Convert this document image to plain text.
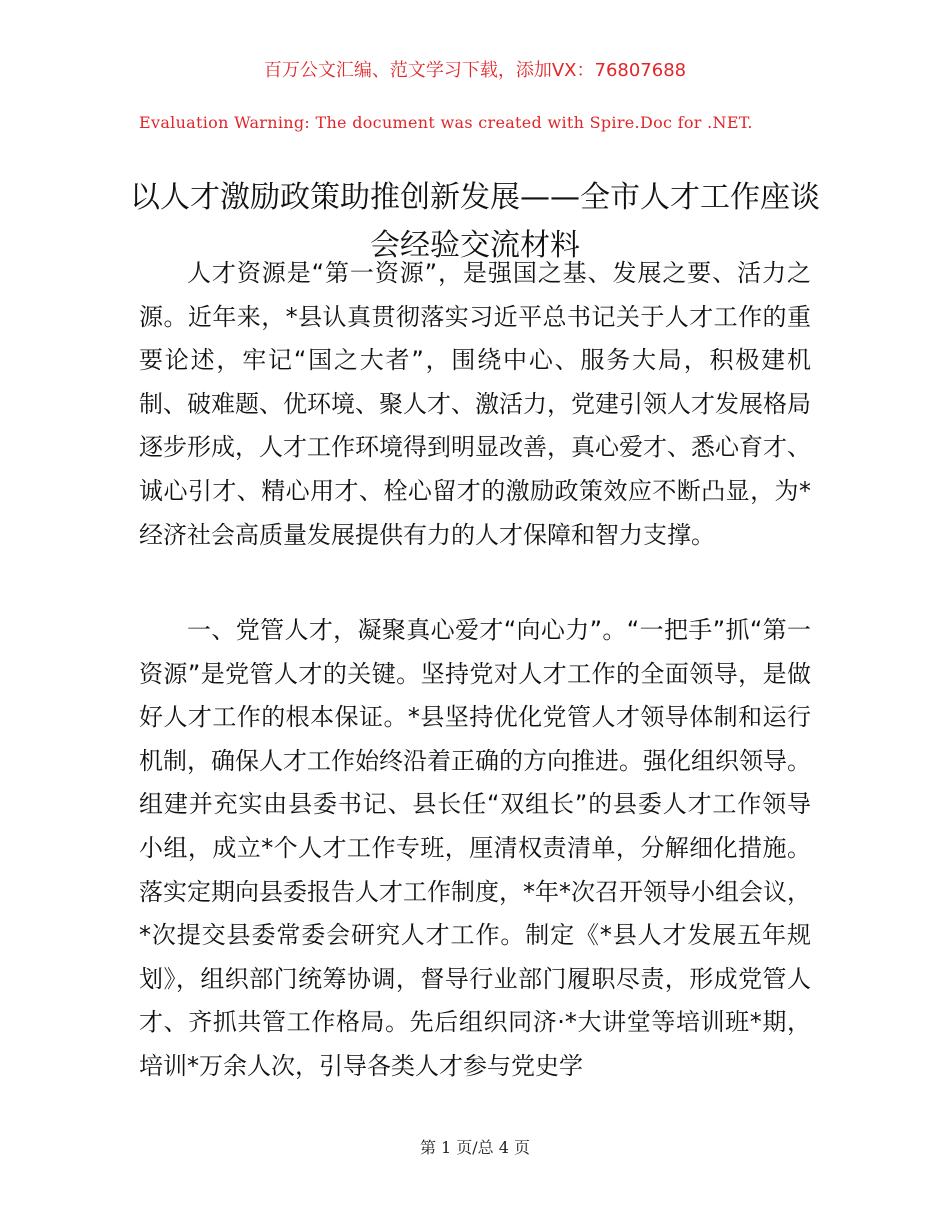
百万公文汇编、范文学习下载，添加VX：76807688
Evaluation Warning: The document was created with Spire.Doc for .NET.
以人才激励政策助推创新发展——全市人才工作座谈会经验交流材料

人才资源是“第一资源”，是强国之基、发展之要、活力之源。近年来，*县认真贯彻落实习近平总书记关于人才工作的重要论述，牢记“国之大者”，围绕中心、服务大局，积极建机制、破难题、优环境、聚人才、激活力，党建引领人才发展格局逐步形成，人才工作环境得到明显改善，真心爱才、悉心育才、诚心引才、精心用才、栓心留才的激励政策效应不断凸显，为*经济社会高质量发展提供有力的人才保障和智力支撑。

一、党管人才，凝聚真心爱才“向心力”。“一把手”抓“第一资源”是党管人才的关键。坚持党对人才工作的全面领导，是做好人才工作的根本保证。*县坚持优化党管人才领导体制和运行机制，确保人才工作始终沿着正确的方向推进。强化组织领导。组建并充实由县委书记、县长任“双组长”的县委人才工作领导小组，成立*个人才工作专班，厘清权责清单，分解细化措施。落实定期向县委报告人才工作制度，*年*次召开领导小组会议，*次提交县委常委会研究人才工作。制定《*县人才发展五年规划》，组织部门统筹协调，督导行业部门履职尽责，形成党管人才、齐抓共管工作格局。先后组织同济·*大讲堂等培训班*期，培训*万余人次，引导各类人才参与党史学

第 1 页/总 4 页
